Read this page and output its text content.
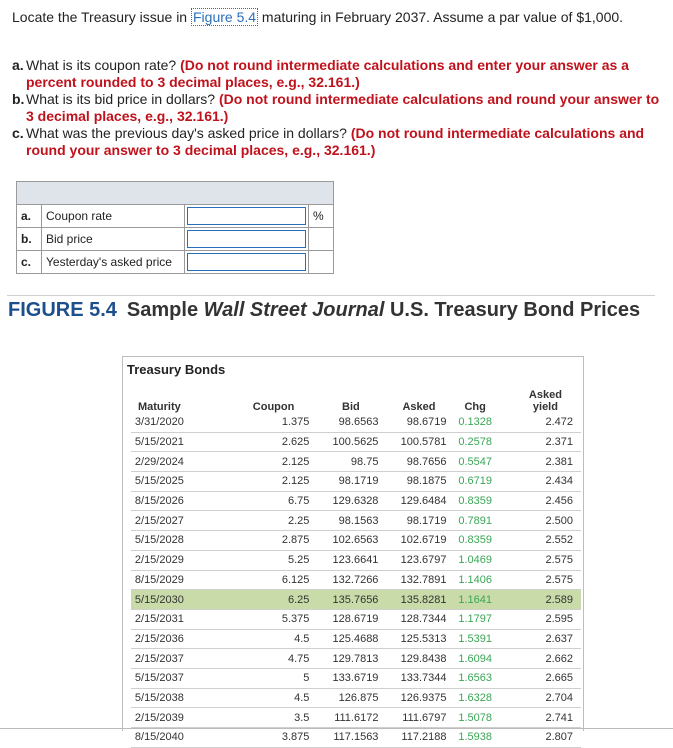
Locate the Treasury issue in Figure 5.4 maturing in February 2037. Assume a par value of $1,000.
a. What is its coupon rate? (Do not round intermediate calculations and enter your answer as a percent rounded to 3 decimal places, e.g., 32.161.)
b. What is its bid price in dollars? (Do not round intermediate calculations and round your answer to 3 decimal places, e.g., 32.161.)
c. What was the previous day's asked price in dollars? (Do not round intermediate calculations and round your answer to 3 decimal places, e.g., 32.161.)

a.	Coupon rate		%
b.	Bid price		
c.	Yesterday's asked price		
FIGURE 5.4 Sample Wall Street Journal U.S. Treasury Bond Prices
Treasury Bonds
Maturity	Coupon	Bid	Asked	Chg	Asked
yield
3/31/2020	1.375	98.6563	98.6719	0.1328	2.472
5/15/2021	2.625	100.5625	100.5781	0.2578	2.371
2/29/2024	2.125	98.75	98.7656	0.5547	2.381
5/15/2025	2.125	98.1719	98.1875	0.6719	2.434
8/15/2026	6.75	129.6328	129.6484	0.8359	2.456
2/15/2027	2.25	98.1563	98.1719	0.7891	2.500
5/15/2028	2.875	102.6563	102.6719	0.8359	2.552
2/15/2029	5.25	123.6641	123.6797	1.0469	2.575
8/15/2029	6.125	132.7266	132.7891	1.1406	2.575
5/15/2030	6.25	135.7656	135.8281	1.1641	2.589
2/15/2031	5.375	128.6719	128.7344	1.1797	2.595
2/15/2036	4.5	125.4688	125.5313	1.5391	2.637
2/15/2037	4.75	129.7813	129.8438	1.6094	2.662
5/15/2037	5	133.6719	133.7344	1.6563	2.665
5/15/2038	4.5	126.875	126.9375	1.6328	2.704
2/15/2039	3.5	111.6172	111.6797	1.5078	2.741
8/15/2040	3.875	117.1563	117.2188	1.5938	2.807
